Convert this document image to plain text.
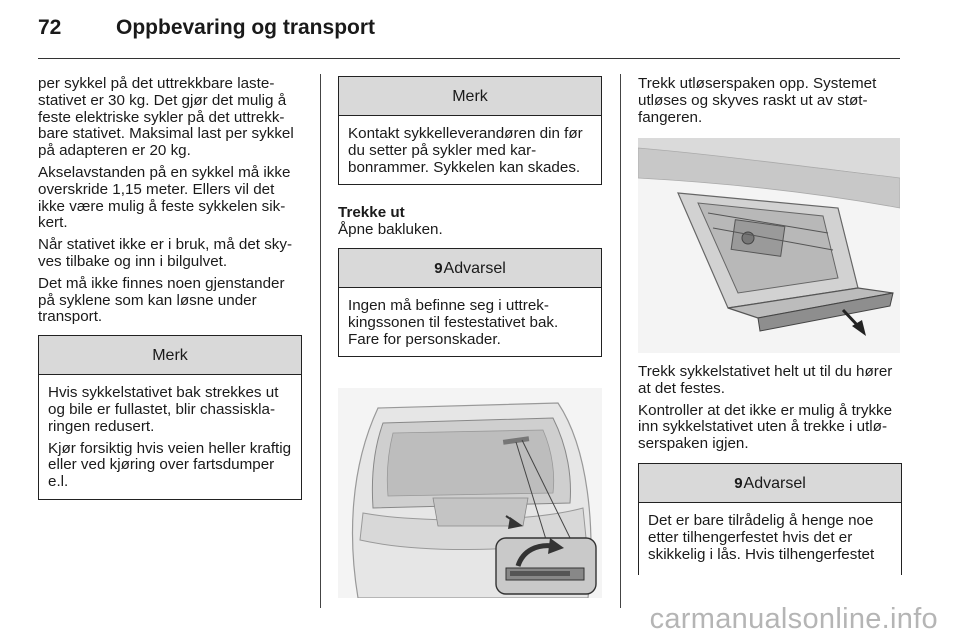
72	Oppbevaring og transport

per sykkel på det uttrekkbare lastestativet er 30 kg. Det gjør det mulig å feste elektriske sykler på det uttrekkbare stativet. Maksimal last per sykkel på adapteren er 20 kg.

Akselavstanden på en sykkel må ikke overskride 1,15 meter. Ellers vil det ikke være mulig å feste sykkelen sikkert.

Når stativet ikke er i bruk, må det skyves tilbake og inn i bilgulvet.

Det må ikke finnes noen gjenstander på syklene som kan løsne under transport.

Merk

Hvis sykkelstativet bak strekkes ut og bile er fullastet, blir chassisklaringen redusert.

Kjør forsiktig hvis veien heller kraftig eller ved kjøring over fartsdumper e.l.

Merk

Kontakt sykkelleverandøren din før du setter på sykler med karbonrammer. Sykkelen kan skades.

Trekke ut

Åpne bakluken.

9Advarsel

Ingen må befinne seg i uttrekkingssonen til festestativet bak. Fare for personskader.

Trekk utløserspaken opp. Systemet utløses og skyves raskt ut av støtfangeren.

Trekk sykkelstativet helt ut til du hører at det festes.

Kontroller at det ikke er mulig å trykke inn sykkelstativet uten å trekke i utløserspaken igjen.

9Advarsel

Det er bare tilrådelig å henge noe etter tilhengerfestet hvis det er skikkelig i lås. Hvis tilhengerfestet

carmanualsonline.info
